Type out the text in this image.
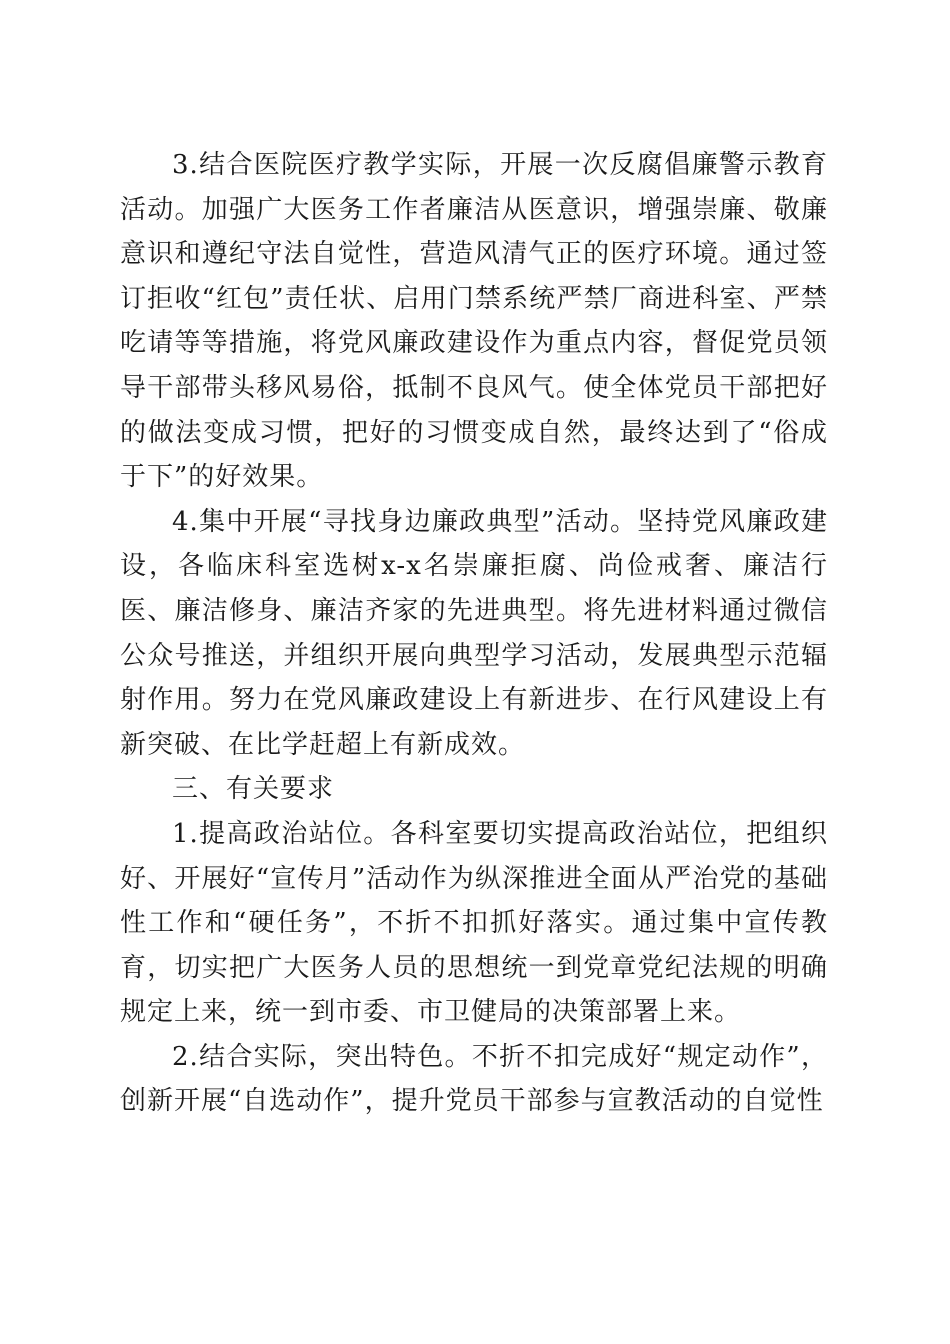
3.结合医院医疗教学实际，开展一次反腐倡廉警示教育活动。加强广大医务工作者廉洁从医意识，增强崇廉、敬廉意识和遵纪守法自觉性，营造风清气正的医疗环境。通过签订拒收“红包”责任状、启用门禁系统严禁厂商进科室、严禁吃请等等措施，将党风廉政建设作为重点内容，督促党员领导干部带头移风易俗，抵制不良风气。使全体党员干部把好的做法变成习惯，把好的习惯变成自然，最终达到了“俗成于下”的好效果。

4.集中开展“寻找身边廉政典型”活动。坚持党风廉政建设，各临床科室选树x-x名崇廉拒腐、尚俭戒奢、廉洁行医、廉洁修身、廉洁齐家的先进典型。将先进材料通过微信公众号推送，并组织开展向典型学习活动，发展典型示范辐射作用。努力在党风廉政建设上有新进步、在行风建设上有新突破、在比学赶超上有新成效。

三、有关要求

1.提高政治站位。各科室要切实提高政治站位，把组织好、开展好“宣传月”活动作为纵深推进全面从严治党的基础性工作和“硬任务”，不折不扣抓好落实。通过集中宣传教育，切实把广大医务人员的思想统一到党章党纪法规的明确规定上来，统一到市委、市卫健局的决策部署上来。

2.结合实际，突出特色。不折不扣完成好“规定动作”，创新开展“自选动作”，提升党员干部参与宣教活动的自觉性
